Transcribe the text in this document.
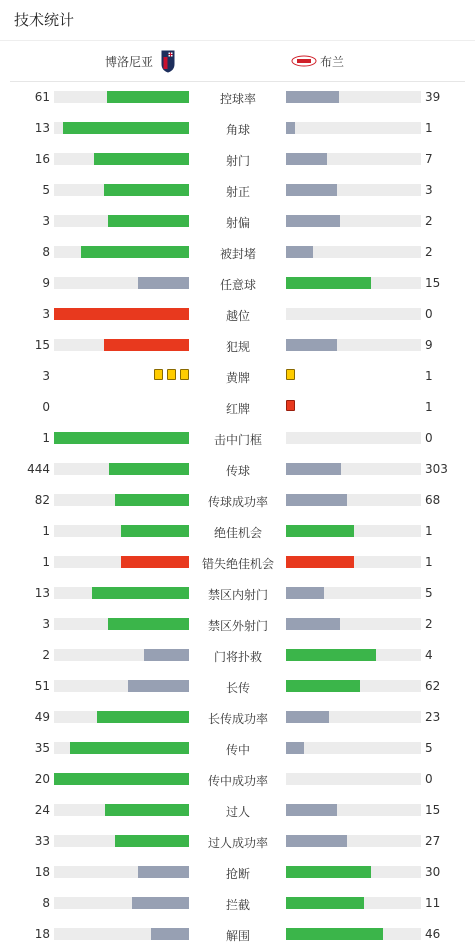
技术统计
博洛尼亚	布兰
61	控球率	39
13	角球	1
16	射门	7
5	射正	3
3	射偏	2
8	被封堵	2
9	任意球	15
3	越位	0
15	犯规	9
3	黄牌	1
0	红牌	1
1	击中门框	0
444	传球	303
82	传球成功率	68
1	绝佳机会	1
1	错失绝佳机会	1
13	禁区内射门	5
3	禁区外射门	2
2	门将扑救	4
51	长传	62
49	长传成功率	23
35	传中	5
20	传中成功率	0
24	过人	15
33	过人成功率	27
18	抢断	30
8	拦截	11
18	解围	46
